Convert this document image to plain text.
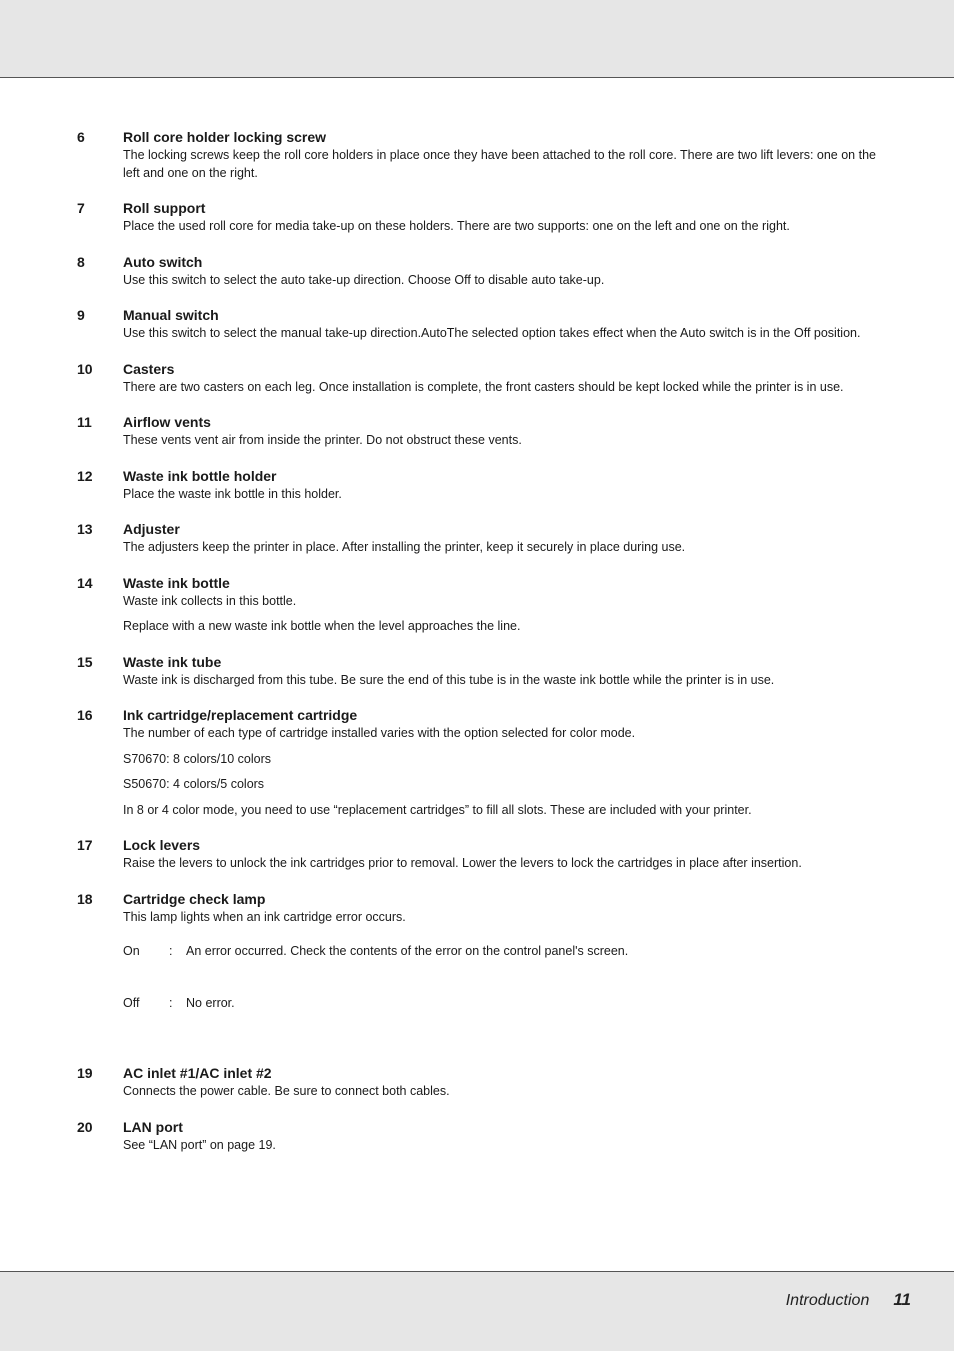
6	Roll core holder locking screw

The locking screws keep the roll core holders in place once they have been attached to the roll core. There are two lift levers: one on the left and one on the right.

7	Roll support

Place the used roll core for media take-up on these holders. There are two supports: one on the left and one on the right.

8	Auto switch

Use this switch to select the auto take-up direction. Choose Off to disable auto take-up.

9	Manual switch

Use this switch to select the manual take-up direction.AutoThe selected option takes effect when the Auto switch is in the Off position.

10	Casters

There are two casters on each leg. Once installation is complete, the front casters should be kept locked while the printer is in use.

11	Airflow vents

These vents vent air from inside the printer. Do not obstruct these vents.

12	Waste ink bottle holder

Place the waste ink bottle in this holder.

13	Adjuster

The adjusters keep the printer in place. After installing the printer, keep it securely in place during use.

14	Waste ink bottle

Waste ink collects in this bottle.

Replace with a new waste ink bottle when the level approaches the line.

15	Waste ink tube

Waste ink is discharged from this tube. Be sure the end of this tube is in the waste ink bottle while the printer is in use.

16	Ink cartridge/replacement cartridge

The number of each type of cartridge installed varies with the option selected for color mode.

S70670: 8 colors/10 colors

S50670: 4 colors/5 colors

In 8 or 4 color mode, you need to use “replacement cartridges” to fill all slots. These are included with your printer.

17	Lock levers

Raise the levers to unlock the ink cartridges prior to removal. Lower the levers to lock the cartridges in place after insertion.

18	Cartridge check lamp

This lamp lights when an ink cartridge error occurs.

On	:	An error occurred. Check the contents of the error on the control panel's screen.
Off	:	No error.
19	AC inlet #1/AC inlet #2

Connects the power cable. Be sure to connect both cables.

20	LAN port

See “LAN port” on page 19.

Introduction 11
